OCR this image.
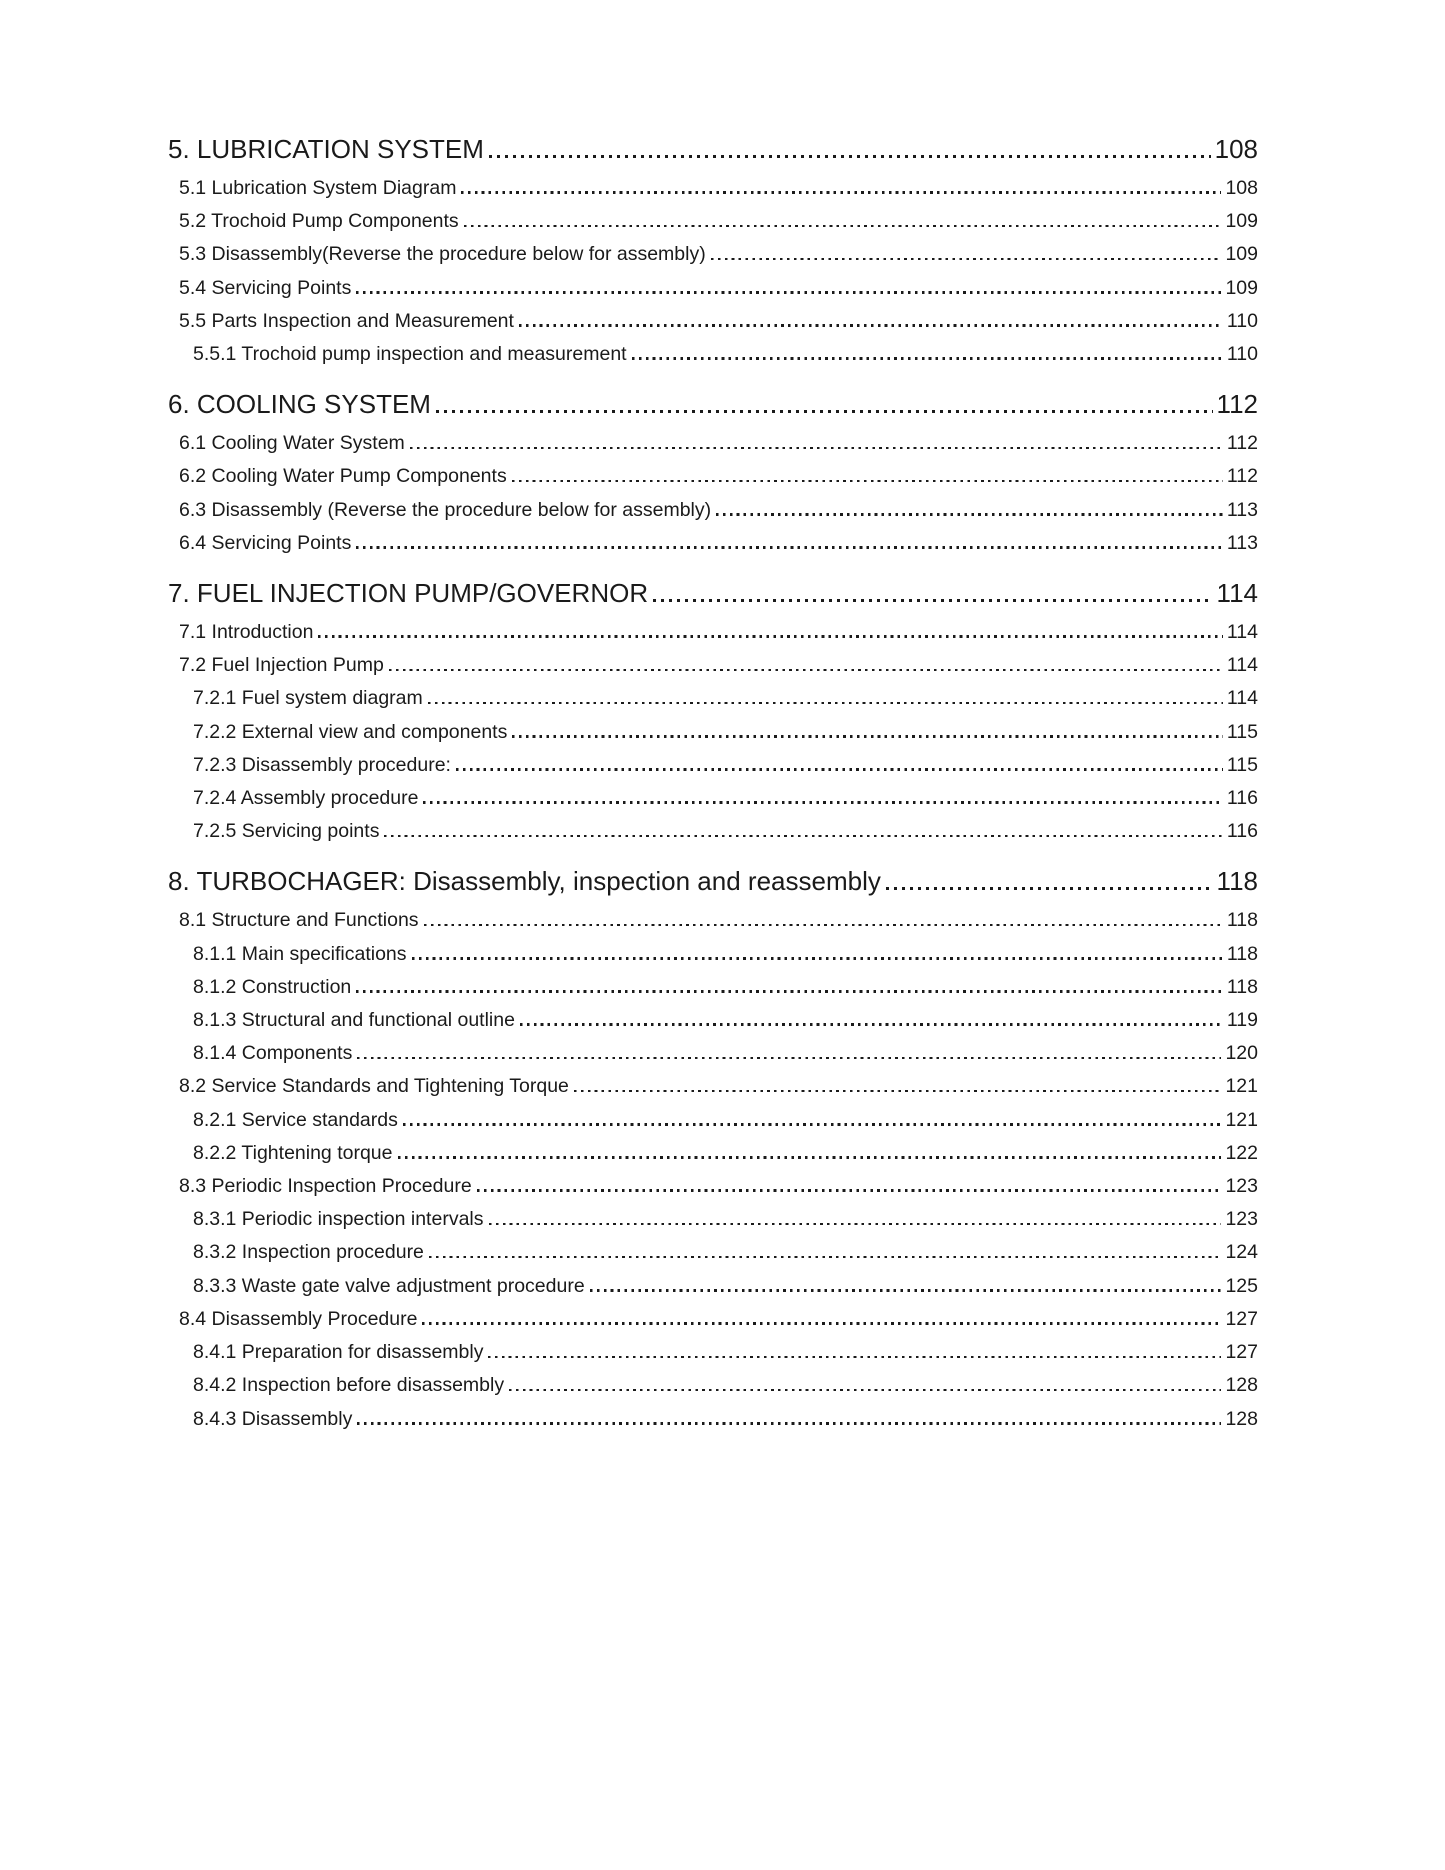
5. LUBRICATION SYSTEM	108
5.1 Lubrication System Diagram	108
5.2 Trochoid Pump Components	109
5.3 Disassembly(Reverse the procedure below for assembly)	109
5.4 Servicing Points	109
5.5 Parts Inspection and Measurement	110
5.5.1 Trochoid pump inspection and measurement	110
6. COOLING SYSTEM	112
6.1 Cooling Water System	112
6.2 Cooling Water Pump Components	112
6.3 Disassembly (Reverse the procedure below for assembly)	113
6.4 Servicing Points	113
7. FUEL INJECTION PUMP/GOVERNOR	114
7.1 Introduction	114
7.2 Fuel Injection Pump	114
7.2.1 Fuel system diagram	114
7.2.2 External view and components	115
7.2.3 Disassembly procedure:	115
7.2.4 Assembly procedure	116
7.2.5 Servicing points	116
8. TURBOCHAGER: Disassembly, inspection and reassembly	118
8.1 Structure and Functions	118
8.1.1 Main specifications	118
8.1.2 Construction	118
8.1.3 Structural and functional outline	119
8.1.4 Components	120
8.2 Service Standards and Tightening Torque	121
8.2.1 Service standards	121
8.2.2 Tightening torque	122
8.3 Periodic Inspection Procedure	123
8.3.1 Periodic inspection intervals	123
8.3.2 Inspection procedure	124
8.3.3 Waste gate valve adjustment procedure	125
8.4 Disassembly Procedure	127
8.4.1 Preparation for disassembly	127
8.4.2 Inspection before disassembly	128
8.4.3 Disassembly	128
